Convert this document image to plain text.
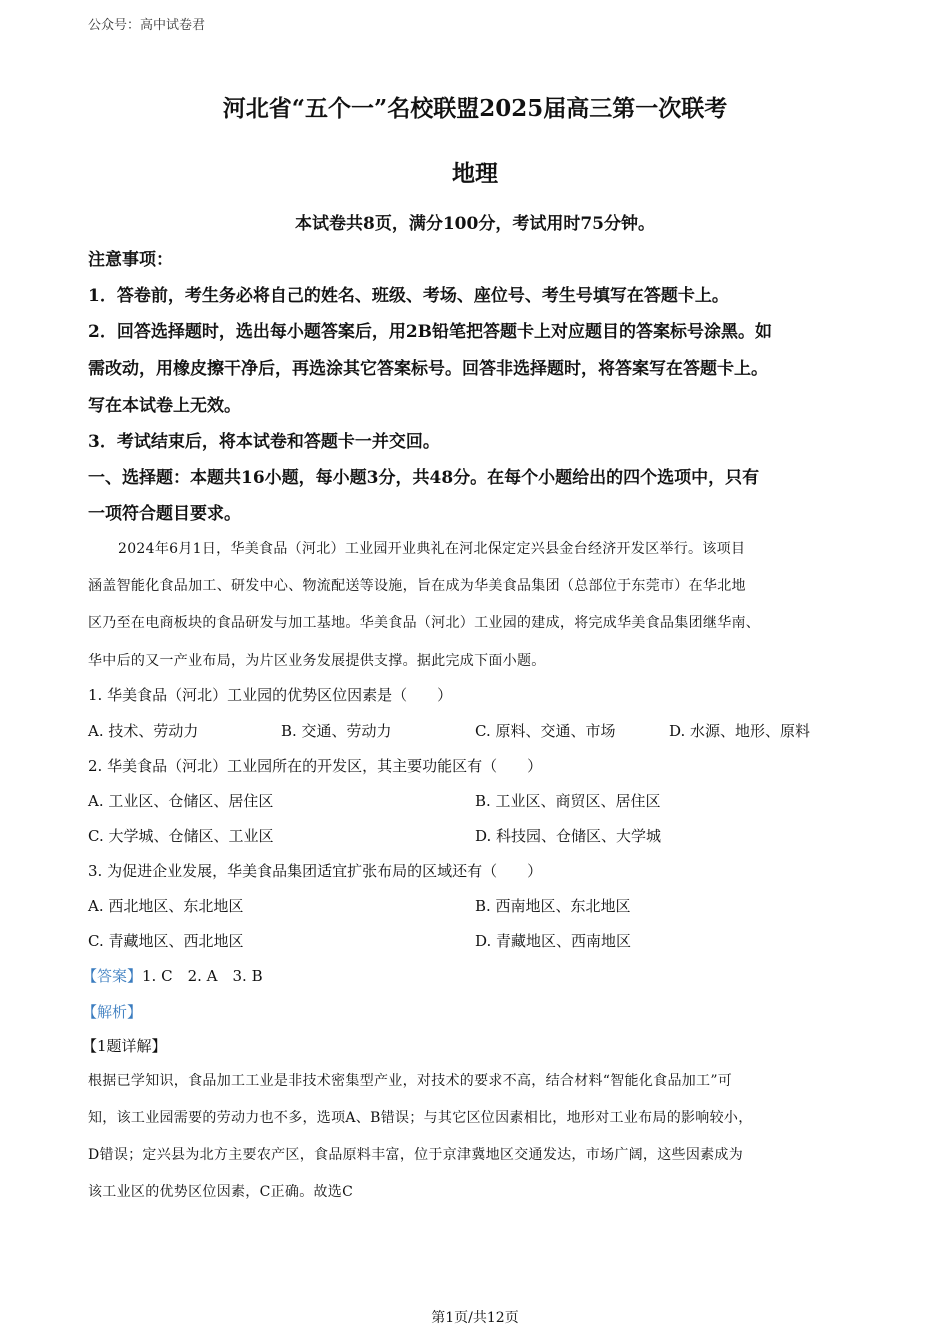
公众号：高中试卷君
河北省“五个一”名校联盟2025届高三第一次联考
地理
本试卷共8页，满分100分，考试用时75分钟。
注意事项：
1．答卷前，考生务必将自己的姓名、班级、考场、座位号、考生号填写在答题卡上。
2．回答选择题时，选出每小题答案后，用2B铅笔把答题卡上对应题目的答案标号涂黑。如
需改动，用橡皮擦干净后，再选涂其它答案标号。回答非选择题时，将答案写在答题卡上。
写在本试卷上无效。
3．考试结束后，将本试卷和答题卡一并交回。
一、选择题：本题共16小题，每小题3分，共48分。在每个小题给出的四个选项中，只有
一项符合题目要求。
2024年6月1日，华美食品（河北）工业园开业典礼在河北保定定兴县金台经济开发区举行。该项目
涵盖智能化食品加工、研发中心、物流配送等设施，旨在成为华美食品集团（总部位于东莞市）在华北地
区乃至在电商板块的食品研发与加工基地。华美食品（河北）工业园的建成，将完成华美食品集团继华南、
华中后的又一产业布局，为片区业务发展提供支撑。据此完成下面小题。
1. 华美食品（河北）工业园的优势区位因素是（　　）
A. 技术、劳动力	B. 交通、劳动力	C. 原料、交通、市场	D. 水源、地形、原料
2. 华美食品（河北）工业园所在的开发区，其主要功能区有（　　）
A. 工业区、仓储区、居住区	B. 工业区、商贸区、居住区
C. 大学城、仓储区、工业区	D. 科技园、仓储区、大学城
3. 为促进企业发展，华美食品集团适宜扩张布局的区域还有（　　）
A. 西北地区、东北地区	B. 西南地区、东北地区
C. 青藏地区、西北地区	D. 青藏地区、西南地区
【答案】1. C　2. A　3. B
【解析】
【1题详解】
根据已学知识，食品加工工业是非技术密集型产业，对技术的要求不高，结合材料“智能化食品加工”可
知，该工业园需要的劳动力也不多，选项A、B错误；与其它区位因素相比，地形对工业布局的影响较小，
D错误；定兴县为北方主要农产区，食品原料丰富，位于京津冀地区交通发达，市场广阔，这些因素成为
该工业区的优势区位因素，C正确。故选C
第1页/共12页
